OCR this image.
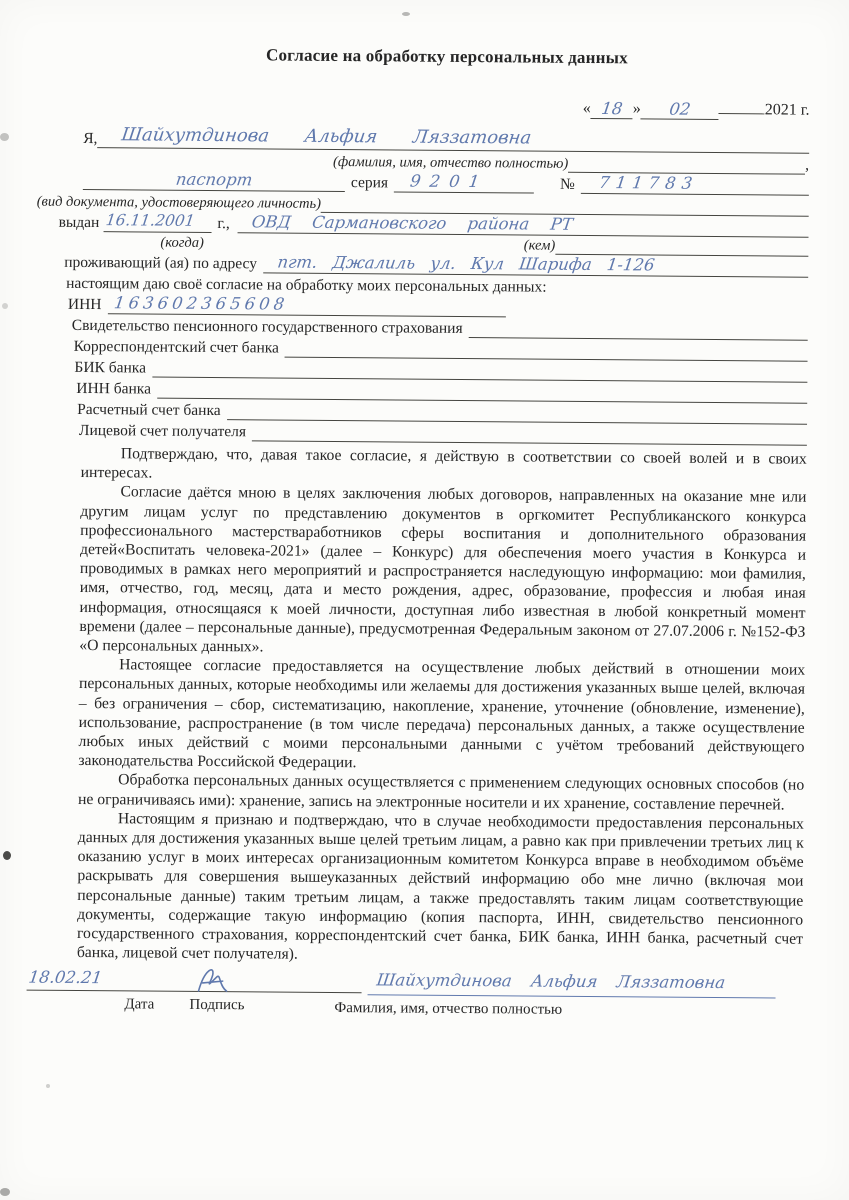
Согласие на обработку персональных данных
« 18 » 02	2021 г.
Я, Шайхутдинова Альфия Ляззатовна
(фамилия, имя, отчество полностью)	,
паспорт	серия	9201	№	711783
(вид документа, удостоверяющего личность)
выдан 16.11.2001	г.,	ОВД Сармановского района РТ
(когда)	(кем)
проживающий (ая) по адресу	пгт. Джалиль ул. Кул Шарифа 1-126
настоящим даю своё согласие на обработку моих персональных данных:
ИНН 163602365608
Свидетельство пенсионного государственного страхования
Корреспондентский счет банка
БИК банка
ИНН банка
Расчетный счет банка
Лицевой счет получателя

Подтверждаю, что, давая такое согласие, я действую в соответствии со своей волей и в своих интересах.

Согласие даётся мною в целях заключения любых договоров, направленных на оказание мне или другим лицам услуг по представлению документов в оргкомитет Республиканского конкурса профессионального мастерстваработников сферы воспитания и дополнительного образования детей«Воспитать человека-2021» (далее – Конкурс) для обеспечения моего участия в Конкурса и проводимых в рамках него мероприятий и распространяется наследующую информацию: мои фамилия, имя, отчество, год, месяц, дата и место рождения, адрес, образование, профессия и любая иная информация, относящаяся к моей личности, доступная либо известная в любой конкретный момент времени (далее – персональные данные), предусмотренная Федеральным законом от 27.07.2006 г. №152-ФЗ «О персональных данных».

Настоящее согласие предоставляется на осуществление любых действий в отношении моих персональных данных, которые необходимы или желаемы для достижения указанных выше целей, включая – без ограничения – сбор, систематизацию, накопление, хранение, уточнение (обновление, изменение), использование, распространение (в том числе передача) персональных данных, а также осуществление любых иных действий с моими персональными данными с учётом требований действующего законодательства Российской Федерации.

Обработка персональных данных осуществляется с применением следующих основных способов (но не ограничиваясь ими): хранение, запись на электронные носители и их хранение, составление перечней.

Настоящим я признаю и подтверждаю, что в случае необходимости предоставления персональных данных для достижения указанных выше целей третьим лицам, а равно как при привлечении третьих лиц к оказанию услуг в моих интересах организационным комитетом Конкурса вправе в необходимом объёме раскрывать для совершения вышеуказанных действий информацию обо мне лично (включая мои персональные данные) таким третьим лицам, а также предоставлять таким лицам соответствующие документы, содержащие такую информацию (копия паспорта, ИНН, свидетельство пенсионного государственного страхования, корреспондентский счет банка, БИК банка, ИНН банка, расчетный счет банка, лицевой счет получателя).

18.02.21	Шайхутдинова Альфия Ляззатовна
Дата Подпись	Фамилия, имя, отчество полностью
